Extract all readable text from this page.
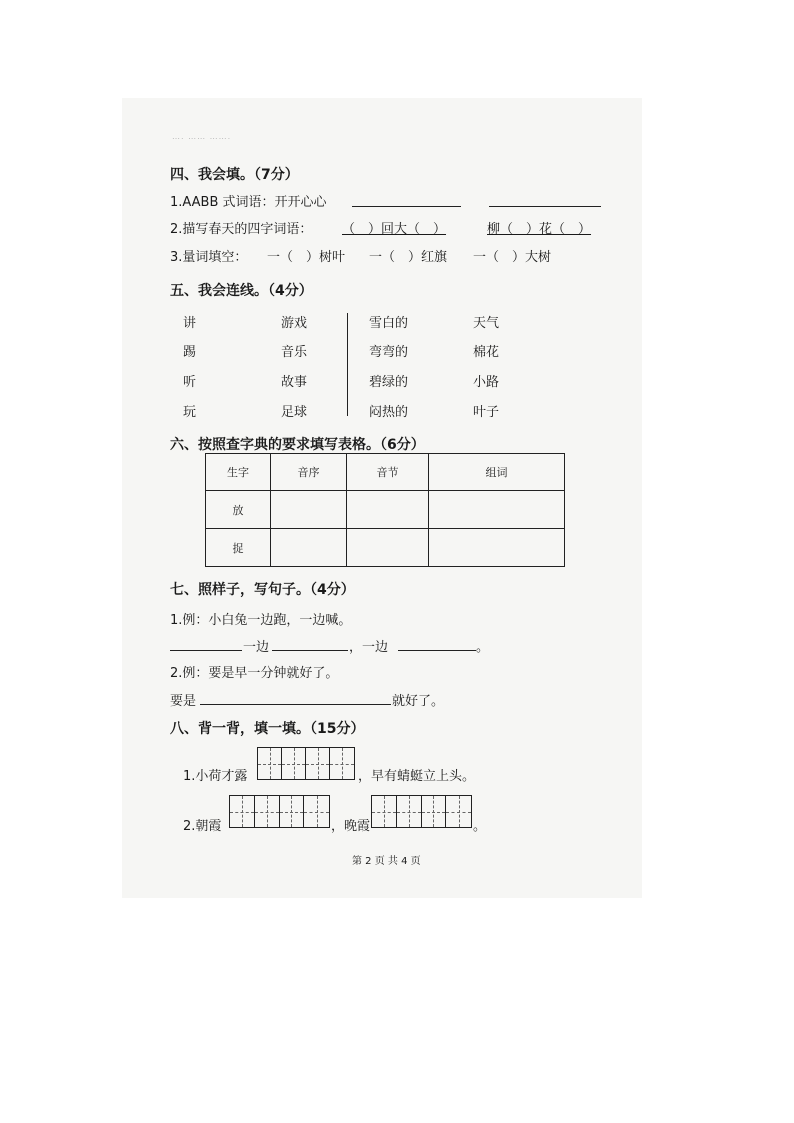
…. …… …….
四、我会填。（7分）
1.AABB 式词语：开开心心
2.描写春天的四字词语： （　）回大（　）	柳（　）花（　）
3.量词填空： 一（　）树叶 一（　）红旗 一（　）大树
五、我会连线。（4分）
讲
踢
听
玩
游戏
音乐
故事
足球
雪白的
弯弯的
碧绿的
闷热的
天气
棉花
小路
叶子
六、按照查字典的要求填写表格。（6分）
生字	音序	音节	组词
放			
捉			
七、照样子，写句子。（4分）
1.例：小白兔一边跑，一边喊。
一边	，一边	。
2.例：要是早一分钟就好了。
要是	就好了。
八、背一背，填一填。（15分）
1.小荷才露	，早有蜻蜓立上头。
2.朝霞	，晚霞	。
第 2 页 共 4 页
